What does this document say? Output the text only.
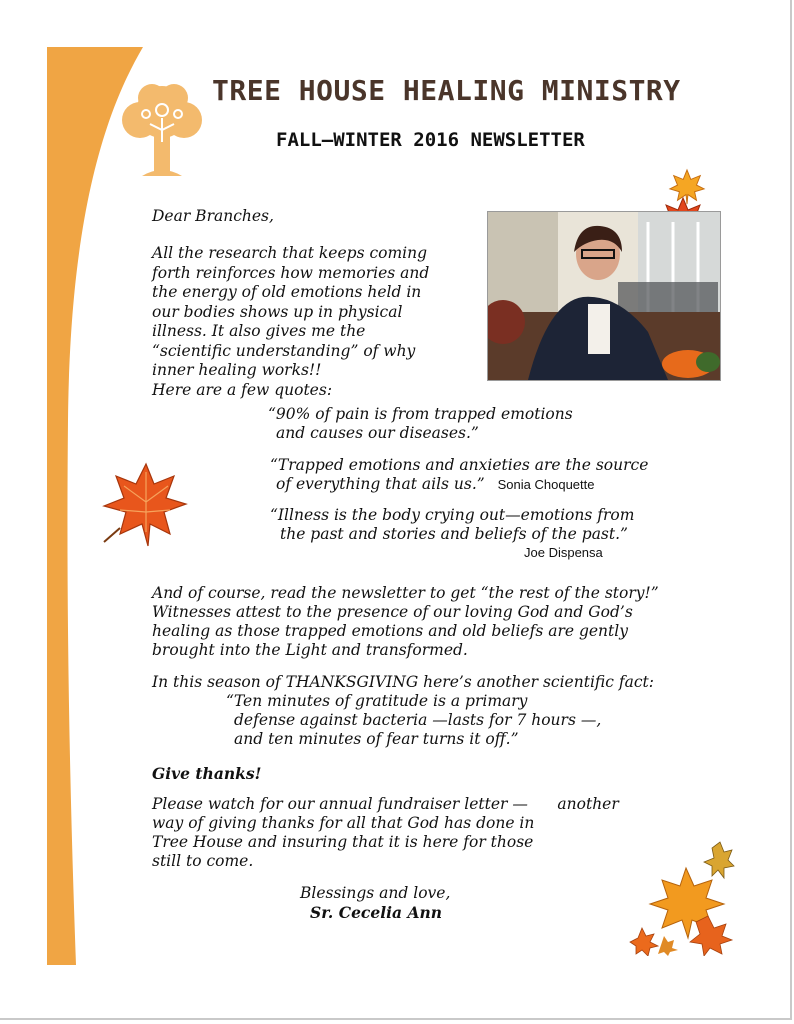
TREE HOUSE HEALING MINISTRY
FALL–WINTER 2016 NEWSLETTER
Dear Branches,
All the research that keeps coming
forth reinforces how memories and
the energy of old emotions held in
our bodies shows up in physical
illness. It also gives me the
“scientific understanding” of why
inner healing works!!
Here are a few quotes:
“90% of pain is from trapped emotions
and causes our diseases.”
“Trapped emotions and anxieties are the source
of everything that ails us.” Sonia Choquette
“Illness is the body crying out—emotions from
the past and stories and beliefs of the past.”
Joe Dispensa
And of course, read the newsletter to get “the rest of the story!”
Witnesses attest to the presence of our loving God and God’s
healing as those trapped emotions and old beliefs are gently
brought into the Light and transformed.
In this season of THANKSGIVING here’s another scientific fact:
“Ten minutes of gratitude is a primary
defense against bacteria —lasts for 7 hours —,
and ten minutes of fear turns it off.”
Give thanks!
Please watch for our annual fundraiser letter —      another
way of giving thanks for all that God has done in
Tree House and insuring that it is here for those
still to come.
Blessings and love,
Sr. Cecelia Ann
